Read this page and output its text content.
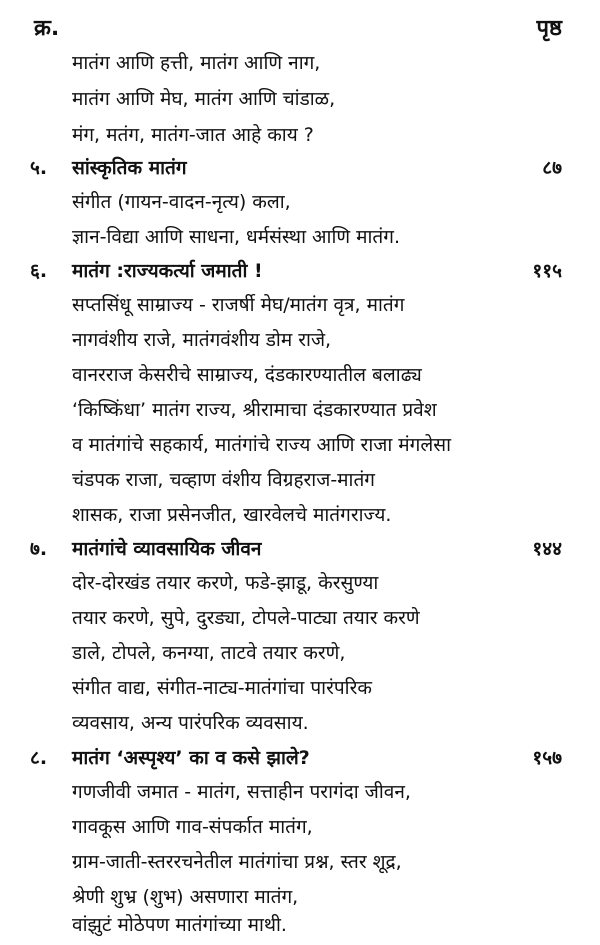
क्र.	पृष्ठ
मातंग आणि हत्ती, मातंग आणि नाग,
मातंग आणि मेघ, मातंग आणि चांडाळ,
मंग, मतंग, मातंग-जात आहे काय ?
५.	सांस्कृतिक मातंग	८७
संगीत (गायन-वादन-नृत्य) कला,
ज्ञान-विद्या आणि साधना, धर्मसंस्था आणि मातंग.
६.	मातंग :राज्यकर्त्या जमाती !	११५
सप्तसिंधू साम्राज्य - राजर्षी मेघ/मातंग वृत्र, मातंग
नागवंशीय राजे, मातंगवंशीय डोम राजे,
वानरराज केसरीचे साम्राज्य, दंडकारण्यातील बलाढ्य
‘किष्किंधा’ मातंग राज्य, श्रीरामाचा दंडकारण्यात प्रवेश
व मातंगांचे सहकार्य, मातंगांचे राज्य आणि राजा मंगलेसा
चंडपक राजा, चव्हाण वंशीय विग्रहराज-मातंग
शासक, राजा प्रसेनजीत, खारवेलचे मातंगराज्य.
७.	मातंगांचे व्यावसायिक जीवन	१४४
दोर-दोरखंड तयार करणे, फडे-झाडू, केरसुण्या
तयार करणे, सुपे, दुरड्या, टोपले-पाट्या तयार करणे
डाले, टोपले, कनग्या, ताटवे तयार करणे,
संगीत वाद्य, संगीत-नाट्य-मातंगांचा पारंपरिक
व्यवसाय, अन्य पारंपरिक व्यवसाय.
८.	मातंग ‘अस्पृश्य’ का व कसे झाले?	१५७
गणजीवी जमात - मातंग, सत्ताहीन परागंदा जीवन,
गावकूस आणि गाव-संपर्कात मातंग,
ग्राम-जाती-स्तररचनेतील मातंगांचा प्रश्न, स्तर शूद्र,
श्रेणी शुभ्र (शुभ) असणारा मातंग,
वांझुटं मोठेपण मातंगांच्या माथी.
